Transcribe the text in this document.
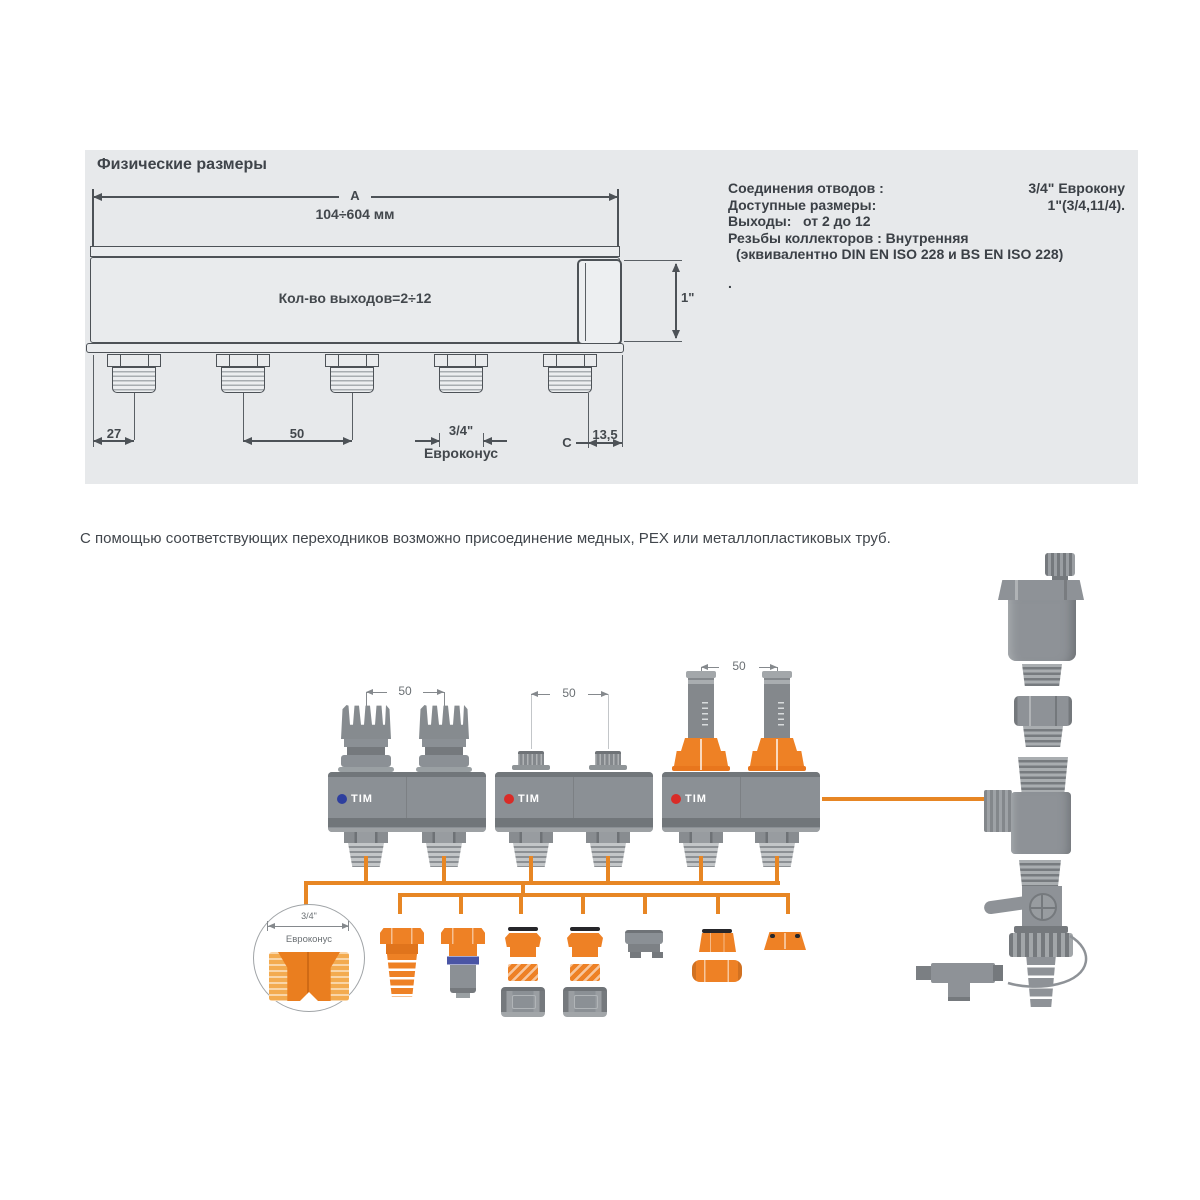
Физические размеры
A
104÷604 мм
Кол-во выходов=2÷12	1"
27	50	3/4"
Евроконус
C
13,5
Соединения отводов :	3/4" Еврокону
Доступные размеры:	1"(3/4,11/4).
Выходы:   от 2 до 12
Резьбы коллекторов : Внутренняя
(эквивалентно DIN EN ISO 228 и BS EN ISO 228)
.
С помощью соответствующих переходников возможно присоединение медных, PEX или металлопластиковых труб.
50
TIM
50
TIM
50
TIM
3/4"
Евроконус
